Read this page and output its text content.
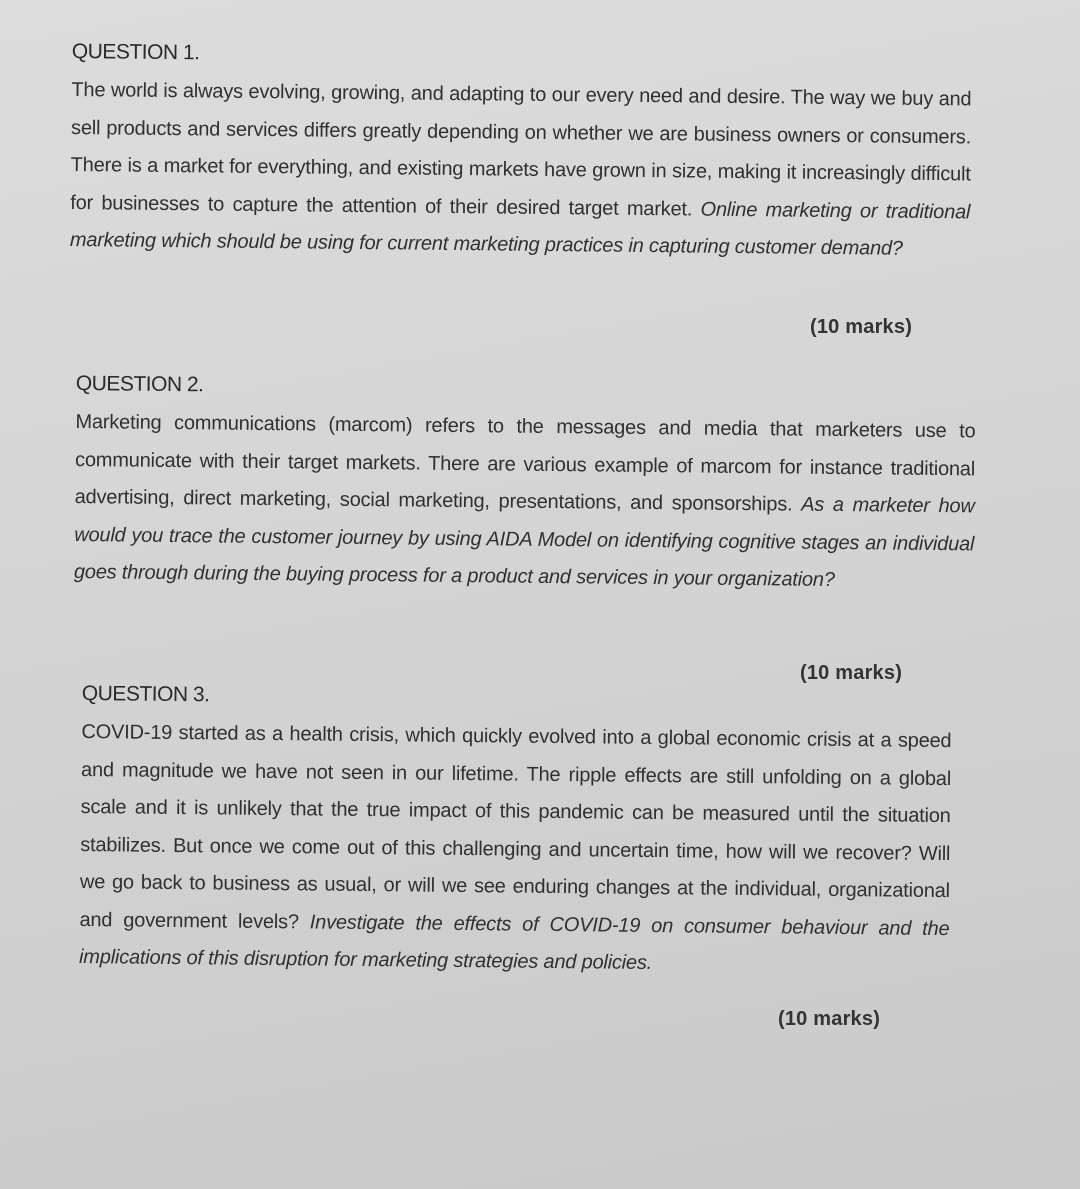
QUESTION 1.

The world is always evolving, growing, and adapting to our every need and desire. The way we buy and sell products and services differs greatly depending on whether we are business owners or consumers. There is a market for everything, and existing markets have grown in size, making it increasingly difficult for businesses to capture the attention of their desired target market. Online marketing or traditional marketing which should be using for current marketing practices in capturing customer demand?

(10 marks)
QUESTION 2.

Marketing communications (marcom) refers to the messages and media that marketers use to communicate with their target markets. There are various example of marcom for instance traditional advertising, direct marketing, social marketing, presentations, and sponsorships. As a marketer how would you trace the customer journey by using AIDA Model on identifying cognitive stages an individual goes through during the buying process for a product and services in your organization?

(10 marks)
QUESTION 3.

COVID-19 started as a health crisis, which quickly evolved into a global economic crisis at a speed and magnitude we have not seen in our lifetime. The ripple effects are still unfolding on a global scale and it is unlikely that the true impact of this pandemic can be measured until the situation stabilizes. But once we come out of this challenging and uncertain time, how will we recover? Will we go back to business as usual, or will we see enduring changes at the individual, organizational and government levels? Investigate the effects of COVID-19 on consumer behaviour and the implications of this disruption for marketing strategies and policies.

(10 marks)
